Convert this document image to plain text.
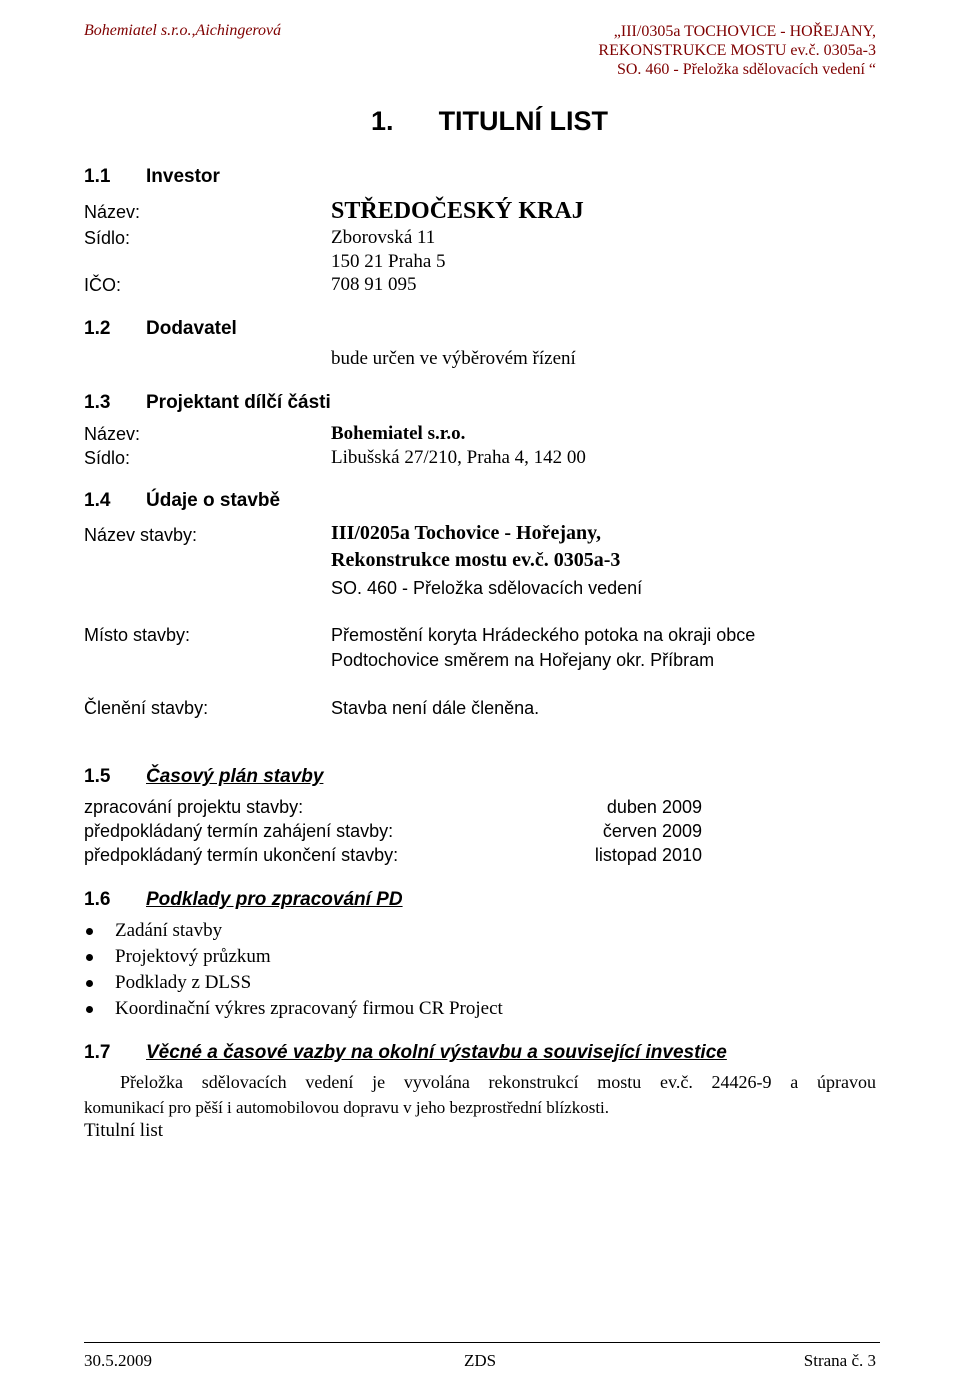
Bohemiatel s.r.o.,Aichingerová	„III/0305a TOCHOVICE - HOŘEJANY,
REKONSTRUKCE MOSTU ev.č. 0305a-3
SO. 460 - Přeložka sdělovacích vedení “
1. TITULNÍ LIST
1.1 Investor
Název:	STŘEDOČESKÝ KRAJ
Sídlo:	Zborovská 11
150 21 Praha 5
IČO:	708 91 095
1.2 Dodavatel
bude určen ve výběrovém řízení
1.3 Projektant dílčí části
Název:	Bohemiatel s.r.o.
Sídlo:	Libušská 27/210, Praha 4, 142 00
1.4 Údaje o stavbě
Název stavby:	III/0205a Tochovice - Hořejany,
Rekonstrukce mostu ev.č. 0305a-3
SO. 460 - Přeložka sdělovacích vedení
Místo stavby:	Přemostění koryta Hrádeckého potoka na okraji obce
Podtochovice směrem na Hořejany okr. Příbram
Členění stavby:	Stavba není dále členěna.
1.5 Časový plán stavby
zpracování projektu stavby:	duben 2009
předpokládaný termín zahájení stavby:	červen 2009
předpokládaný termín ukončení stavby:	listopad 2010
1.6 Podklady pro zpracování PD
Zadání stavby
Projektový průzkum
Podklady z DLSS
Koordinační výkres zpracovaný firmou CR Project
1.7 Věcné a časové vazby na okolní výstavbu a související investice
Přeložka sdělovacích vedení je vyvolána rekonstrukcí mostu ev.č. 24426-9 a úpravou
komunikací pro pěší i automobilovou dopravu v jeho bezprostřední blízkosti.
Titulní list
30.5.2009	ZDS	Strana č. 3
